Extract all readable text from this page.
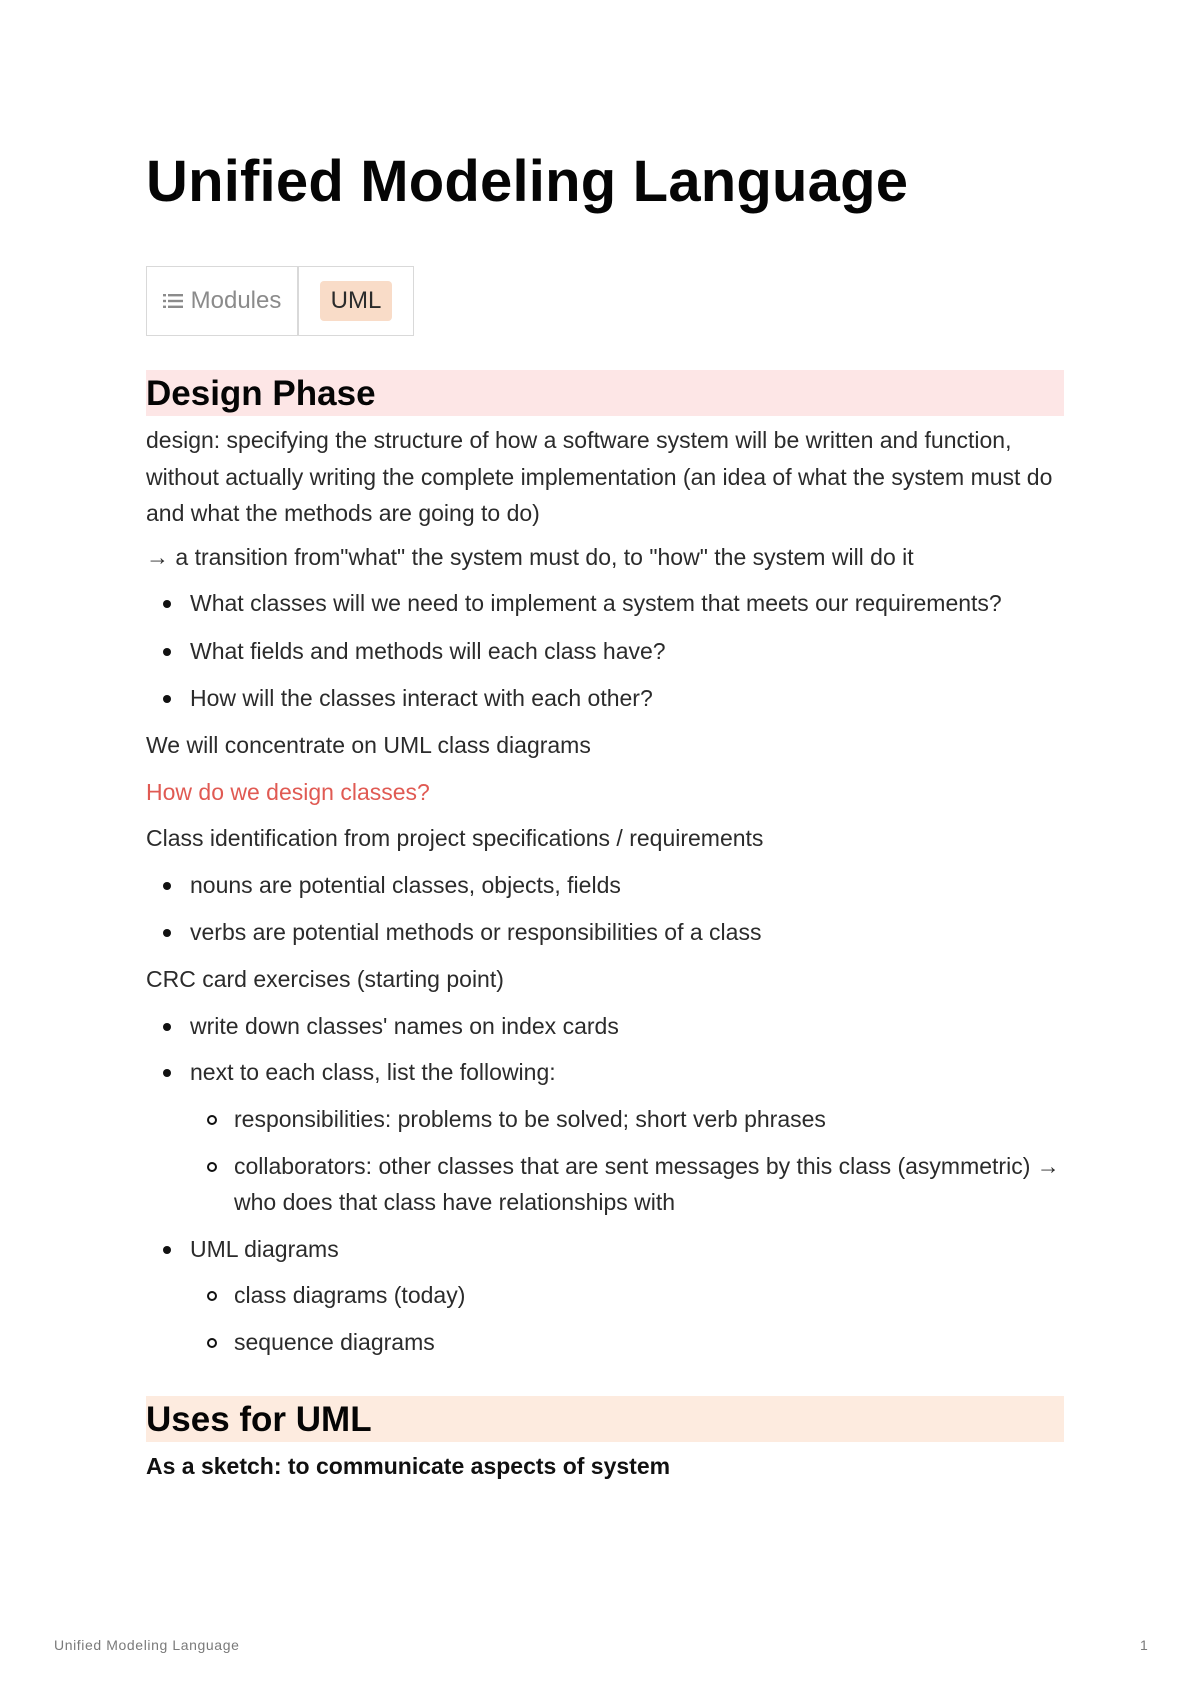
Unified Modeling Language
Modules	UML
Design Phase

design: specifying the structure of how a software system will be written and function, without actually writing the complete implementation (an idea of what the system must do and what the methods are going to do)

→ a transition from"what" the system must do, to "how" the system will do it

What classes will we need to implement a system that meets our requirements?
What fields and methods will each class have?
How will the classes interact with each other?

We will concentrate on UML class diagrams

How do we design classes?

Class identification from project specifications / requirements

nouns are potential classes, objects, fields
verbs are potential methods or responsibilities of a class

CRC card exercises (starting point)

write down classes' names on index cards
next to each class, list the following:
responsibilities: problems to be solved; short verb phrases
collaborators: other classes that are sent messages by this class (asymmetric) → who does that class have relationships with
UML diagrams
class diagrams (today)
sequence diagrams
Uses for UML

As a sketch: to communicate aspects of system

Unified Modeling Language	1
